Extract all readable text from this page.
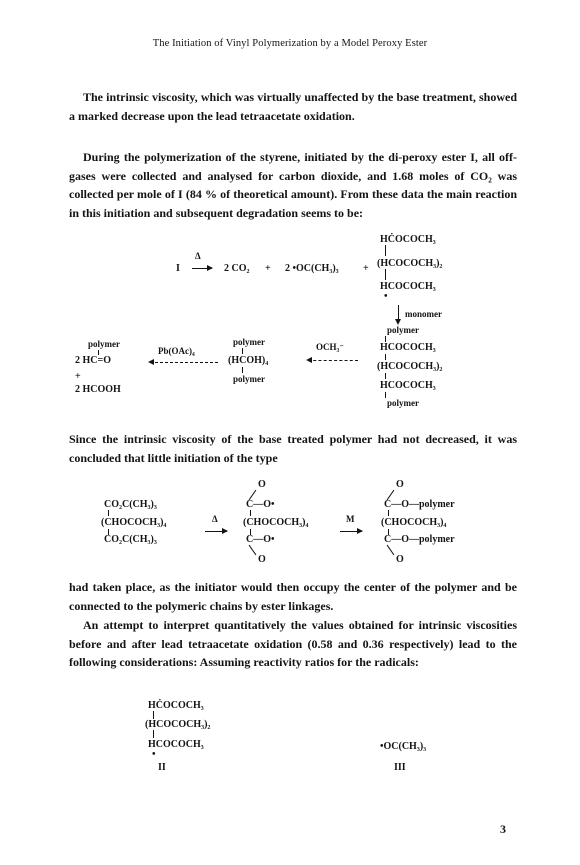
The Initiation of Vinyl Polymerization by a Model Peroxy Ester

The intrinsic viscosity, which was virtually unaffected by the base treatment, showed a marked decrease upon the lead tetraacetate oxidation.

During the polymerization of the styrene, initiated by the di-peroxy ester I, all off-gases were collected and analysed for carbon dioxide, and 1.68 moles of CO₂ was collected per mole of I (84 % of theoretical amount). From these data the main reaction in this initiation and subsequent degradation seems to be:

HĊOCOCH₃
I
Δ
2 CO₂ + 2 •OC(CH₃)₃ + (HCOCOCH₃)₂
HCOCOCH₃
•
monomer
polymer
HCOCOCH₃
(HCOCOCH₃)₂
HCOCOCH₃
polymer
OCH₃⁻
polymer
(HCOH)₄
polymer
Pb(OAc)₄
polymer
2 HC=O
+
2 HCOOH

Since the intrinsic viscosity of the base treated polymer had not decreased, it was concluded that little initiation of the type

CO₂C(CH₃)₃
(CHOCOCH₃)₄
CO₂C(CH₃)₃
Δ
O
C—O•
(CHOCOCH₃)₄
C—O•
O
M
O
C—O—polymer
(CHOCOCH₃)₄
C—O—polymer
O

had taken place, as the initiator would then occupy the center of the polymer and be connected to the polymeric chains by ester linkages.

An attempt to interpret quantitatively the values obtained for intrinsic viscosities before and after lead tetraacetate oxidation (0.58 and 0.36 respectively) lead to the following considerations: Assuming reactivity ratios for the radicals:

HĊOCOCH₃
(HCOCOCH₃)₂
HCOCOCH₃
•
II
•OC(CH₃)₃
III
3
